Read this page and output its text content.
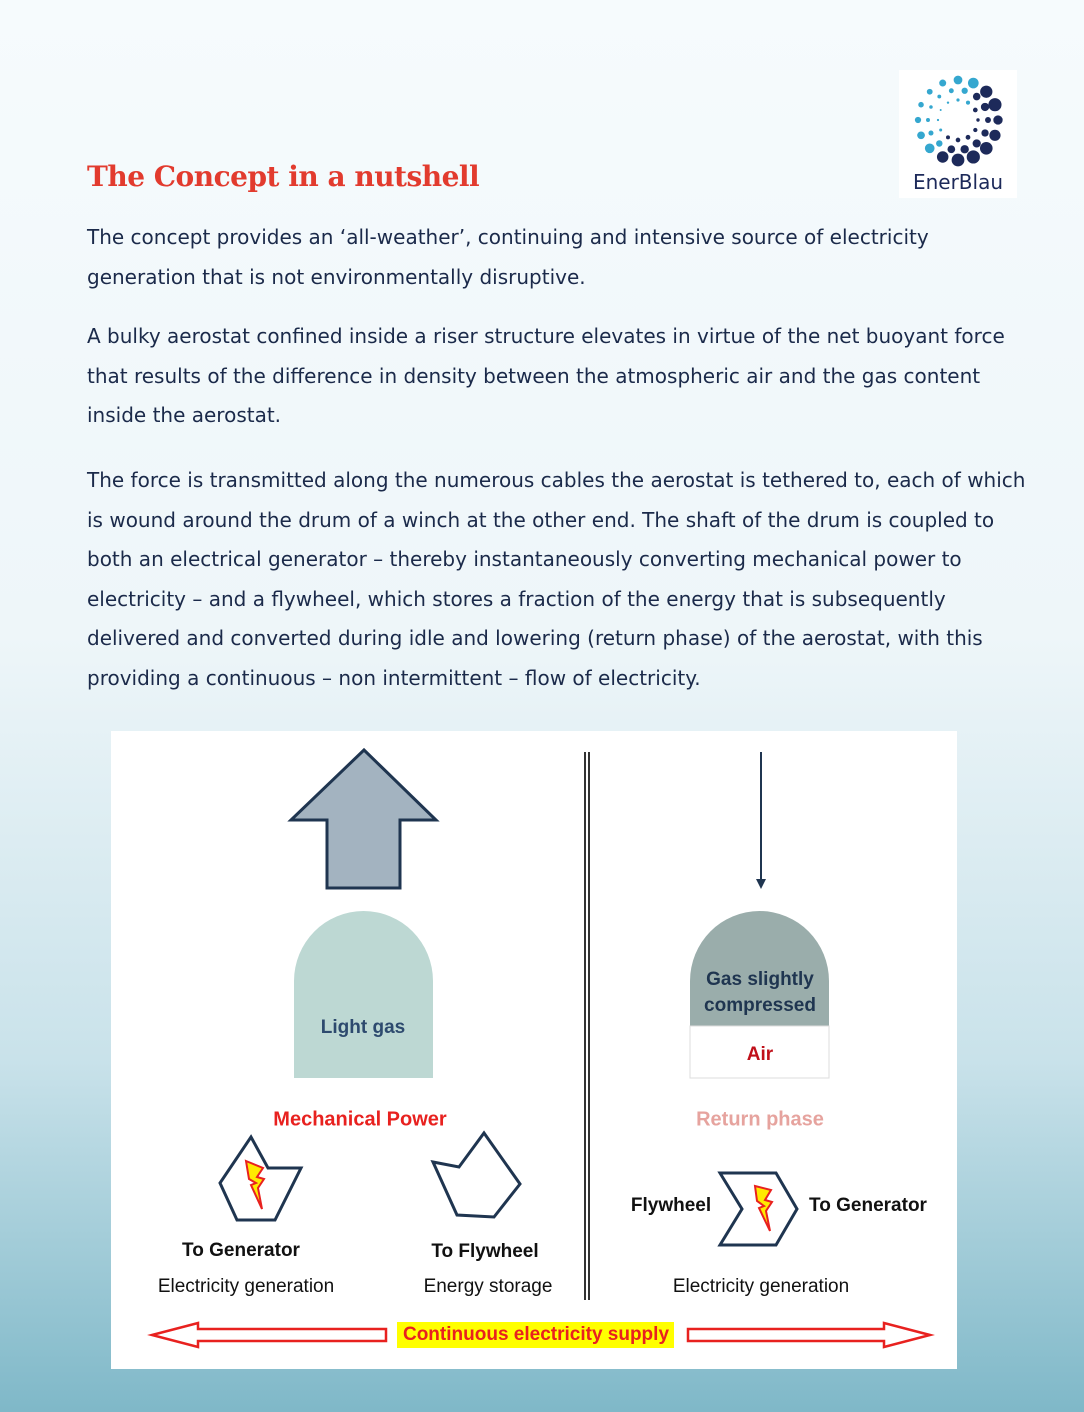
The Concept in a nutshell	EnerBlau
The concept provides an ‘all-weather’, continuing and intensive source of electricity generation that is not environmentally disruptive.
A bulky aerostat confined inside a riser structure elevates in virtue of the net buoyant force that results of the difference in density between the atmospheric air and the gas content inside the aerostat.
The force is transmitted along the numerous cables the aerostat is tethered to, each of which is wound around the drum of a winch at the other end. The shaft of the drum is coupled to both an electrical generator – thereby instantaneously converting mechanical power to electricity – and a flywheel, which stores a fraction of the energy that is subsequently delivered and converted during idle and lowering (return phase) of the aerostat, with this providing a continuous – non intermittent – flow of electricity.
Light gas
Gas slightly compressed
Air
Mechanical Power	Return phase
To Generator
Electricity generation
To Flywheel
Energy storage
Flywheel	To Generator
Electricity generation
Continuous electricity supply
